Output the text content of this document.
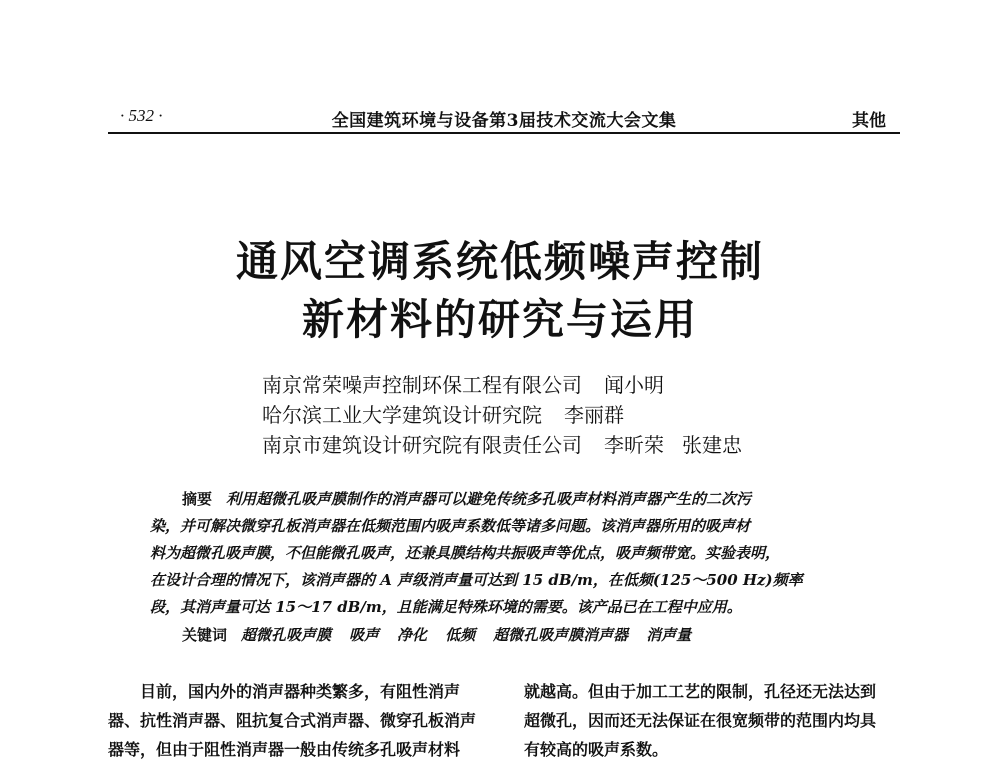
· 532 ·	全国建筑环境与设备第3届技术交流大会文集	其他
通风空调系统低频噪声控制
新材料的研究与运用
南京常荣噪声控制环保工程有限公司 闻小明
哈尔滨工业大学建筑设计研究院 李丽群
南京市建筑设计研究院有限责任公司 李昕荣 张建忠
摘要 利用超微孔吸声膜制作的消声器可以避免传统多孔吸声材料消声器产生的二次污
染，并可解决微穿孔板消声器在低频范围内吸声系数低等诸多问题。该消声器所用的吸声材
料为超微孔吸声膜，不但能微孔吸声，还兼具膜结构共振吸声等优点，吸声频带宽。实验表明，
在设计合理的情况下，该消声器的 A 声级消声量可达到 15 dB/m，在低频(125～500 Hz)频率
段，其消声量可达 15～17 dB/m，且能满足特殊环境的需要。该产品已在工程中应用。
关键词 超微孔吸声膜 吸声 净化 低频 超微孔吸声膜消声器 消声量
目前，国内外的消声器种类繁多，有阻性消声
器、抗性消声器、阻抗复合式消声器、微穿孔板消声
器等，但由于阻性消声器一般由传统多孔吸声材料
就越高。但由于加工工艺的限制，孔径还无法达到
超微孔，因而还无法保证在很宽频带的范围内均具
有较高的吸声系数。
